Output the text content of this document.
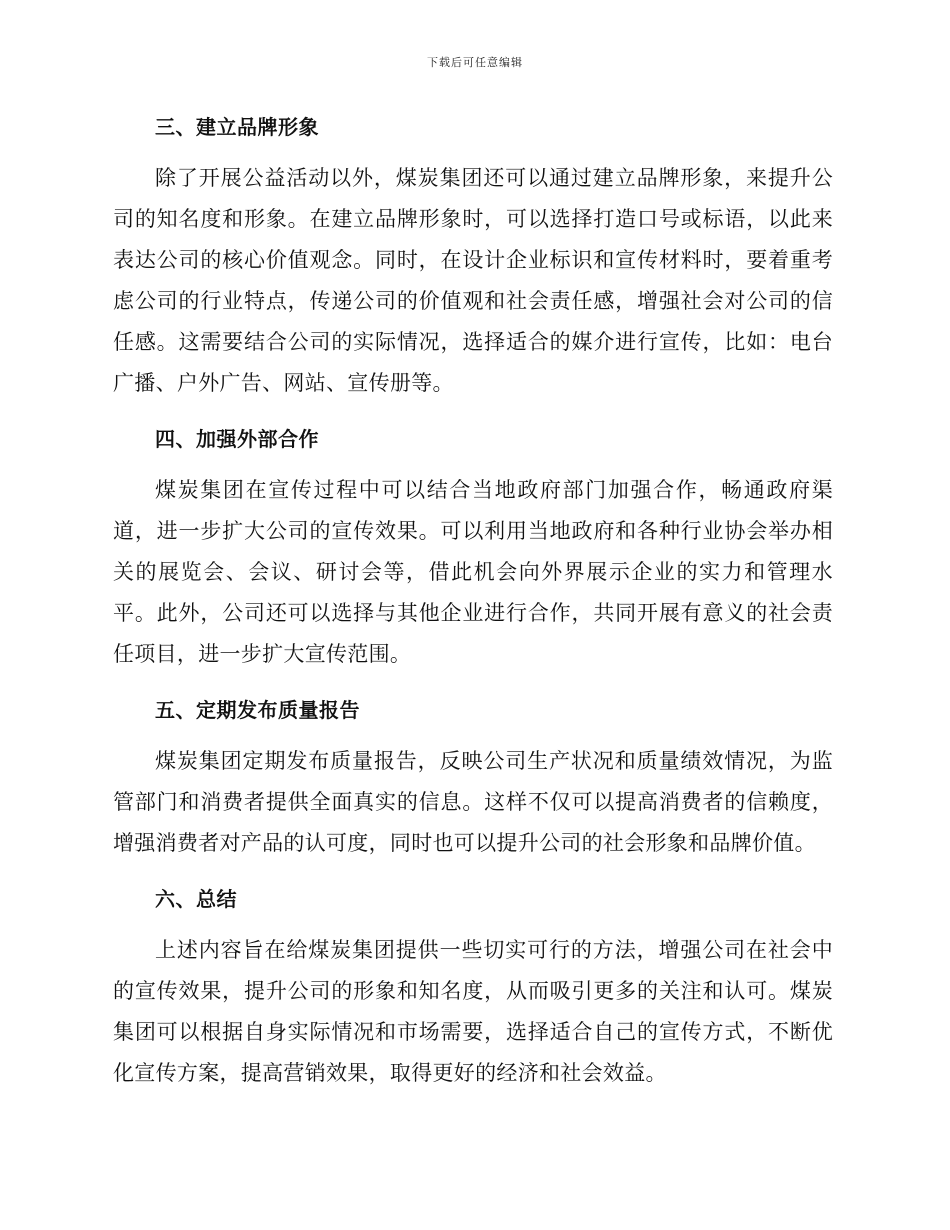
下载后可任意编辑
三、建立品牌形象

除了开展公益活动以外，煤炭集团还可以通过建立品牌形象，来提升公司的知名度和形象。在建立品牌形象时，可以选择打造口号或标语，以此来表达公司的核心价值观念。同时，在设计企业标识和宣传材料时，要着重考虑公司的行业特点，传递公司的价值观和社会责任感，增强社会对公司的信任感。这需要结合公司的实际情况，选择适合的媒介进行宣传，比如：电台广播、户外广告、网站、宣传册等。

四、加强外部合作

煤炭集团在宣传过程中可以结合当地政府部门加强合作，畅通政府渠道，进一步扩大公司的宣传效果。可以利用当地政府和各种行业协会举办相关的展览会、会议、研讨会等，借此机会向外界展示企业的实力和管理水平。此外，公司还可以选择与其他企业进行合作，共同开展有意义的社会责任项目，进一步扩大宣传范围。

五、定期发布质量报告

煤炭集团定期发布质量报告，反映公司生产状况和质量绩效情况，为监管部门和消费者提供全面真实的信息。这样不仅可以提高消费者的信赖度，增强消费者对产品的认可度，同时也可以提升公司的社会形象和品牌价值。

六、总结

上述内容旨在给煤炭集团提供一些切实可行的方法，增强公司在社会中的宣传效果，提升公司的形象和知名度，从而吸引更多的关注和认可。煤炭集团可以根据自身实际情况和市场需要，选择适合自己的宣传方式，不断优化宣传方案，提高营销效果，取得更好的经济和社会效益。
